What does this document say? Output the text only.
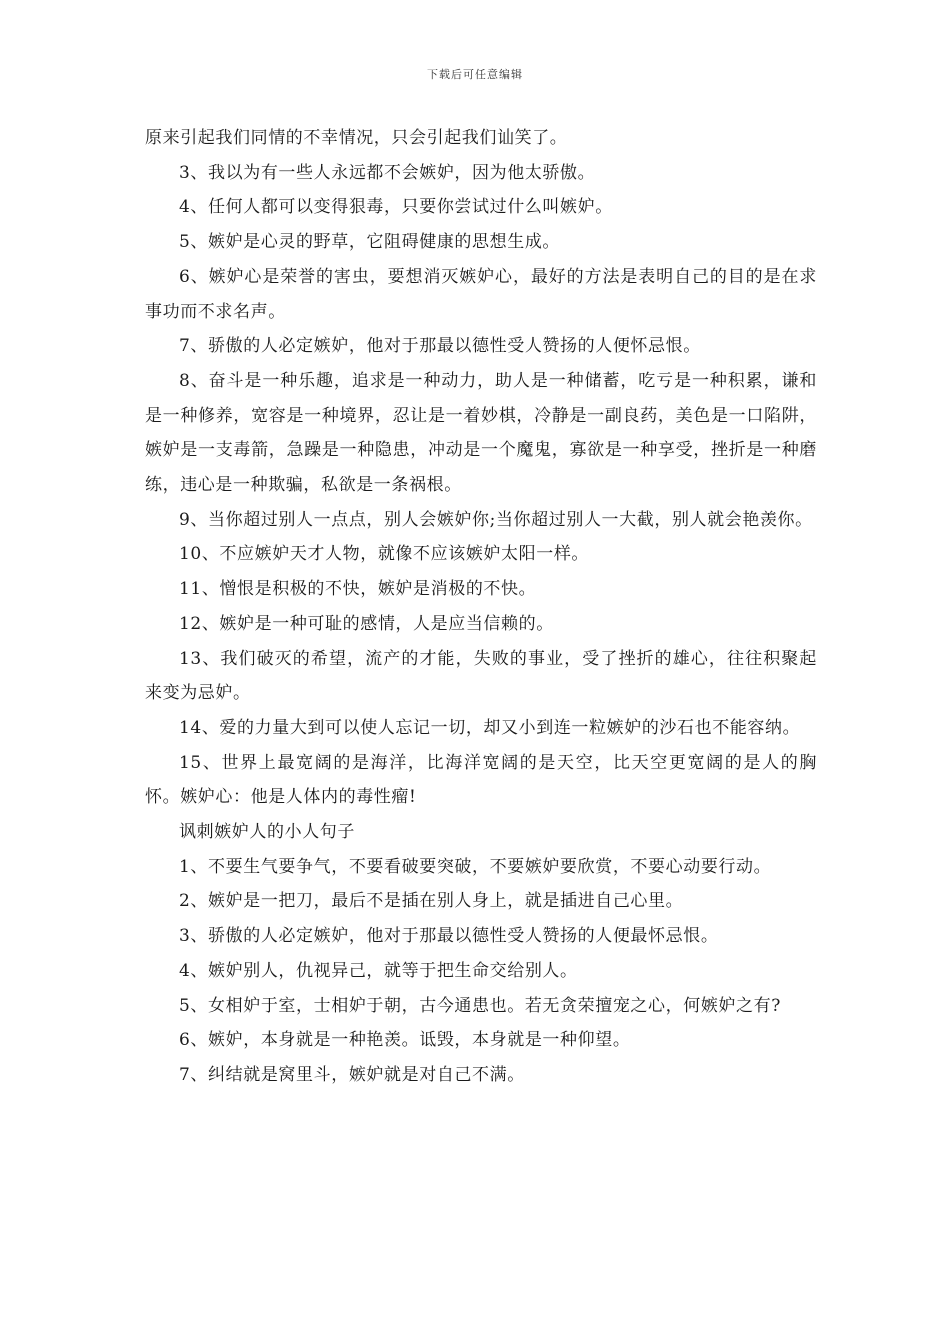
下载后可任意编辑

原来引起我们同情的不幸情况，只会引起我们讪笑了。

3、我以为有一些人永远都不会嫉妒，因为他太骄傲。

4、任何人都可以变得狠毒，只要你尝试过什么叫嫉妒。

5、嫉妒是心灵的野草，它阻碍健康的思想生成。

6、嫉妒心是荣誉的害虫，要想消灭嫉妒心，最好的方法是表明自己的目的是在求事功而不求名声。

7、骄傲的人必定嫉妒，他对于那最以德性受人赞扬的人便怀忌恨。

8、奋斗是一种乐趣，追求是一种动力，助人是一种储蓄，吃亏是一种积累，谦和是一种修养，宽容是一种境界，忍让是一着妙棋，冷静是一副良药，美色是一口陷阱，嫉妒是一支毒箭，急躁是一种隐患，冲动是一个魔鬼，寡欲是一种享受，挫折是一种磨练，违心是一种欺骗，私欲是一条祸根。

9、当你超过别人一点点，别人会嫉妒你;当你超过别人一大截，别人就会艳羡你。

10、不应嫉妒天才人物，就像不应该嫉妒太阳一样。

11、憎恨是积极的不快，嫉妒是消极的不快。

12、嫉妒是一种可耻的感情，人是应当信赖的。

13、我们破灭的希望，流产的才能，失败的事业，受了挫折的雄心，往往积聚起来变为忌妒。

14、爱的力量大到可以使人忘记一切，却又小到连一粒嫉妒的沙石也不能容纳。

15、世界上最宽阔的是海洋，比海洋宽阔的是天空，比天空更宽阔的是人的胸怀。嫉妒心：他是人体内的毒性瘤!

讽刺嫉妒人的小人句子

1、不要生气要争气，不要看破要突破，不要嫉妒要欣赏，不要心动要行动。

2、嫉妒是一把刀，最后不是插在别人身上，就是插进自己心里。

3、骄傲的人必定嫉妒，他对于那最以德性受人赞扬的人便最怀忌恨。

4、嫉妒别人，仇视异己，就等于把生命交给别人。

5、女相妒于室，士相妒于朝，古今通患也。若无贪荣擅宠之心，何嫉妒之有?

6、嫉妒，本身就是一种艳羡。诋毁，本身就是一种仰望。

7、纠结就是窝里斗，嫉妒就是对自己不满。
